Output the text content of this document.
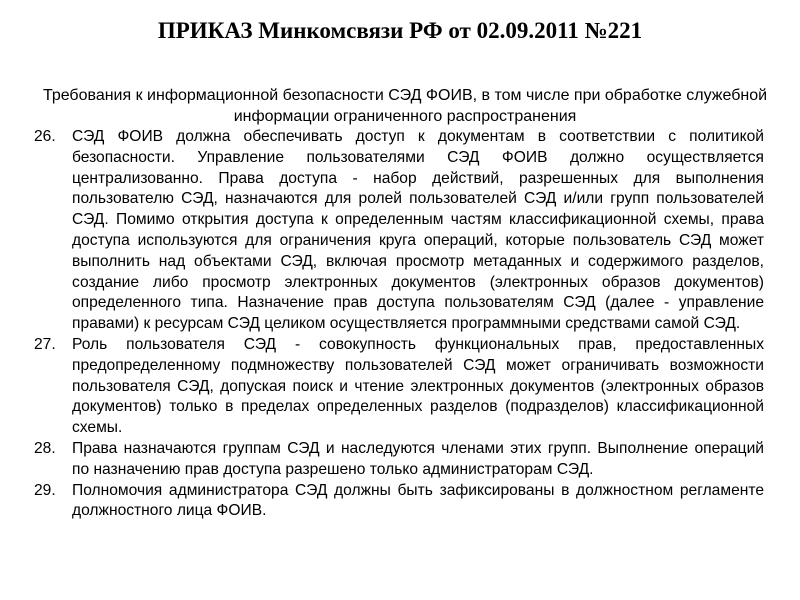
ПРИКАЗ Минкомсвязи РФ от 02.09.2011 №221

Требования к информационной безопасности СЭД ФОИВ, в том числе при обработке служебной информации ограниченного распространения

26.	СЭД ФОИВ должна обеспечивать доступ к документам в соответствии с политикой безопасности. Управление пользователями СЭД ФОИВ должно осуществляется централизованно. Права доступа - набор действий, разрешенных для выполнения пользователю СЭД, назначаются для ролей пользователей СЭД и/или групп пользователей СЭД. Помимо открытия доступа к определенным частям классификационной схемы, права доступа используются для ограничения круга операций, которые пользователь СЭД может выполнить над объектами СЭД, включая просмотр метаданных и содержимого разделов, создание либо просмотр электронных документов (электронных образов документов) определенного типа. Назначение прав доступа пользователям СЭД (далее - управление правами) к ресурсам СЭД целиком осуществляется программными средствами самой СЭД.
27.	Роль пользователя СЭД - совокупность функциональных прав, предоставленных предопределенному подмножеству пользователей СЭД может ограничивать возможности пользователя СЭД, допуская поиск и чтение электронных документов (электронных образов документов) только в пределах определенных разделов (подразделов) классификационной схемы.
28.	Права назначаются группам СЭД и наследуются членами этих групп. Выполнение операций по назначению прав доступа разрешено только администраторам СЭД.
29.	Полномочия администратора СЭД должны быть зафиксированы в должностном регламенте должностного лица ФОИВ.
